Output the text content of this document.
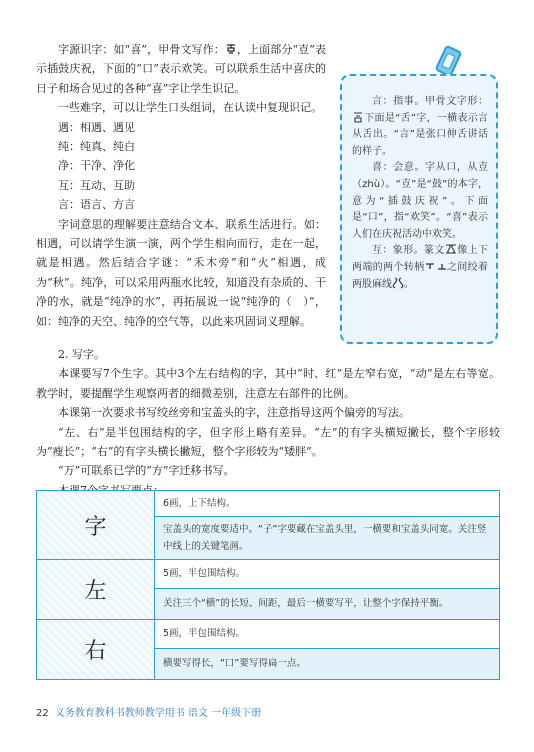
字源识字：如“喜”，甲骨文写作： ，上面部分“壴”表示插鼓庆祝，下面的“口”表示欢笑。可以联系生活中喜庆的日子和场合见过的各种“喜”字让学生识记。

一些难字，可以让学生口头组词，在认读中复现识记。

遇：相遇、遇见

纯：纯真、纯白

净：干净、净化

互：互动、互助

言：语言、方言

字词意思的理解要注意结合文本、联系生活进行。如：相遇，可以请学生演一演，两个学生相向而行，走在一起，就是相遇。然后结合字谜：“禾木旁”和“火”相遇，成为“秋”。纯净，可以采用两瓶水比较，知道没有杂质的、干净的水，就是“纯净的水”，再拓展说一说“纯净的（　）”，如：纯净的天空、纯净的空气等，以此来巩固词义理解。

言：指事。甲骨文字形：下面是“舌”字，一横表示言从舌出。“言”是张口伸舌讲话的样子。

喜：会意。字从口，从壴（zhù）。“壴”是“鼓”的本字，意为“插鼓庆祝”。下面是“口”，指“欢笑”。“喜”表示人们在庆祝活动中欢笑。

互：象形。篆文 像上下两端的两个转柄 之间绞着两股麻线 。

2. 写字。

本课要写7个生字。其中3个左右结构的字，其中“时、红”是左窄右宽，“动”是左右等宽。教学时，要提醒学生观察两者的细微差别，注意左右部件的比例。

本课第一次要求书写绞丝旁和宝盖头的字，注意指导这两个偏旁的写法。

“左、右”是半包围结构的字，但字形上略有差异。“左”的有字头横短撇长，整个字形较为“瘦长”；“右”的有字头横长撇短，整个字形较为“矮胖”。

“万”可联系已学的“方”字迁移书写。

字	6画，上下结构。
	宝盖头的宽度要适中。“子”字要藏在宝盖头里，一横要和宝盖头同宽。关注竖中线上的关键笔画。
左	5画，半包围结构。
	关注三个“横”的长短、间距，最后一横要写平，让整个字保持平衡。
右	5画，半包围结构。
	横要写得长，“口”要写得扁一点。
22 义务教育教科书教师教学用书 语文 一年级下册
